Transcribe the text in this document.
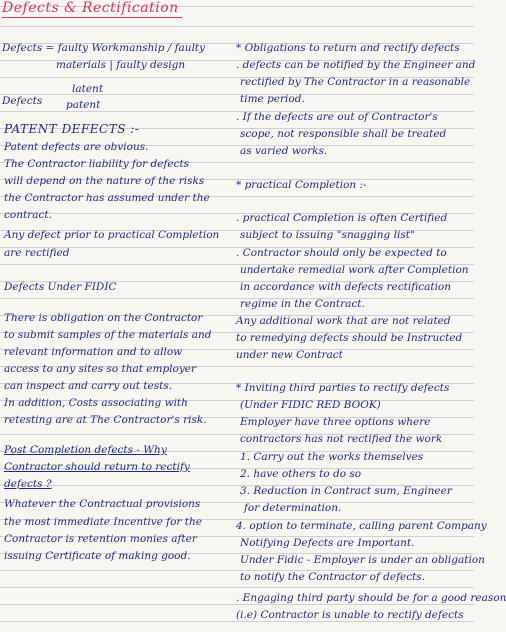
Defects & Rectification
Defects = faulty Workmanship / faulty
materials | faulty design
latent
Defects patent
PATENT DEFECTS :-
Patent defects are obvious.
The Contractor liability for defects
will depend on the nature of the risks
the Contractor has assumed under the
contract.
Any defect prior to practical Completion
are rectified
Defects Under FIDIC
There is obligation on the Contractor
to submit samples of the materials and
relevant information and to allow
access to any sites so that employer
can inspect and carry out tests.
In addition, Costs associating with
retesting are at The Contractor's risk.
Post Completion defects - Why
Contractor should return to rectify
defects ?
Whatever the Contractual provisions
the most immediate Incentive for the
Contractor is retention monies after
issuing Certificate of making good.
* Obligations to return and rectify defects
. defects can be notified by the Engineer and
rectified by The Contractor in a reasonable
time period.
. If the defects are out of Contractor's
scope, not responsible shall be treated
as varied works.
* practical Completion :-
. practical Completion is often Certified
subject to issuing "snagging list"
. Contractor should only be expected to
undertake remedial work after Completion
in accordance with defects rectification
regime in the Contract.
Any additional work that are not related
to remedying defects should be Instructed
under new Contract
* Inviting third parties to rectify defects
(Under FIDIC RED BOOK)
Employer have three options where
contractors has not rectified the work
1. Carry out the works themselves
2. have others to do so
3. Reduction in Contract sum, Engineer
for determination.
4. option to terminate, calling parent Company
Notifying Defects are Important.
Under Fidic - Employer is under an obligation
to notify the Contractor of defects.
. Engaging third party should be for a good reason
(i.e) Contractor is unable to rectify defects
